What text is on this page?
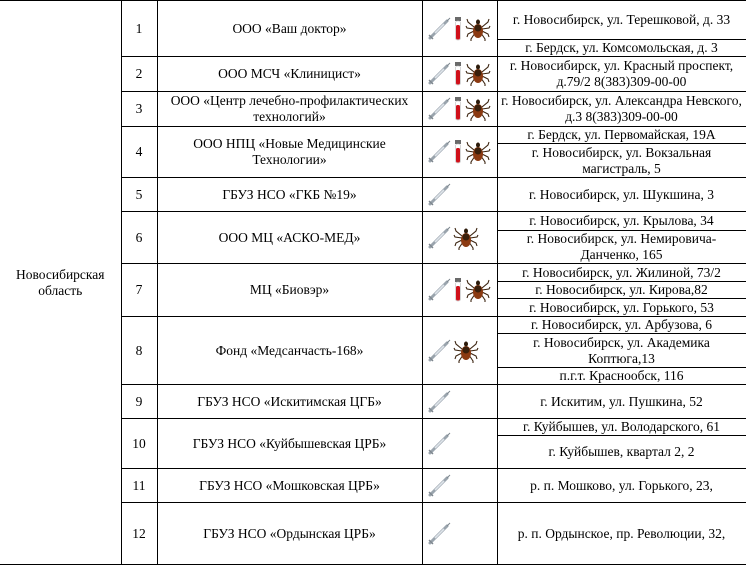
Новосибирская область	1	ООО «Ваш доктор»		г. Новосибирск, ул. Терешковой, д. 33
				г. Бердск, ул. Комсомольская, д. 3
	2	ООО МСЧ «Клиницист»		г. Новосибирск, ул. Красный проспект, д.79/2 8(383)309-00-00
	3	ООО «Центр лечебно-профилактических технологий»		г. Новосибирск, ул. Александра Невского, д.3 8(383)309-00-00
	4	ООО НПЦ «Новые Медицинские Технологии»		г. Бердск, ул. Первомайская, 19А
				г. Новосибирск, ул. Вокзальная магистраль, 5
	5	ГБУЗ НСО «ГКБ №19»		г. Новосибирск, ул. Шукшина, 3
	6	ООО МЦ «АСКО-МЕД»		г. Новосибирск, ул. Крылова, 34
				г. Новосибирск, ул. Немировича-Данченко, 165
	7	МЦ «Биовэр»		г. Новосибирск, ул. Жилиной, 73/2
				г. Новосибирск, ул. Кирова,82
				г. Новосибирск, ул. Горького, 53
	8	Фонд «Медсанчасть-168»		г. Новосибирск, ул. Арбузова, 6
				г. Новосибирск, ул. Академика Коптюга,13
				п.г.т. Краснообск, 116
	9	ГБУЗ НСО «Искитимская ЦГБ»		г. Искитим, ул. Пушкина, 52
	10	ГБУЗ НСО «Куйбышевская ЦРБ»		г. Куйбышев, ул. Володарского, 61
				г. Куйбышев, квартал 2, 2
	11	ГБУЗ НСО «Мошковская ЦРБ»		р. п. Мошково, ул. Горького, 23,
	12	ГБУЗ НСО «Ордынская ЦРБ»		р. п. Ордынское, пр. Революции, 32,
